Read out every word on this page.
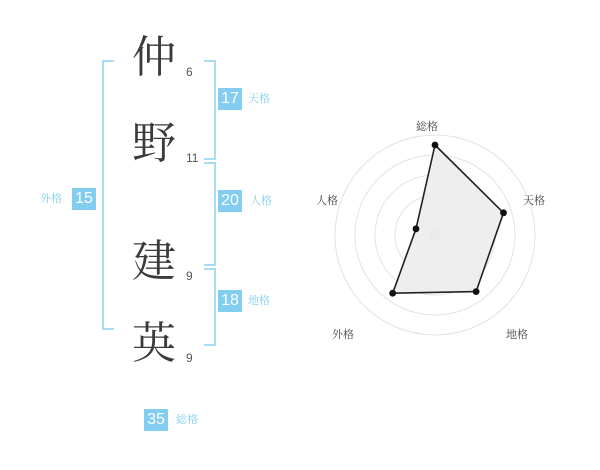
15
外格
仲 6
野 11
建 9
英 9
17 天格
20 人格
18 地格
35 総格
総格
天格
地格
外格
人格
